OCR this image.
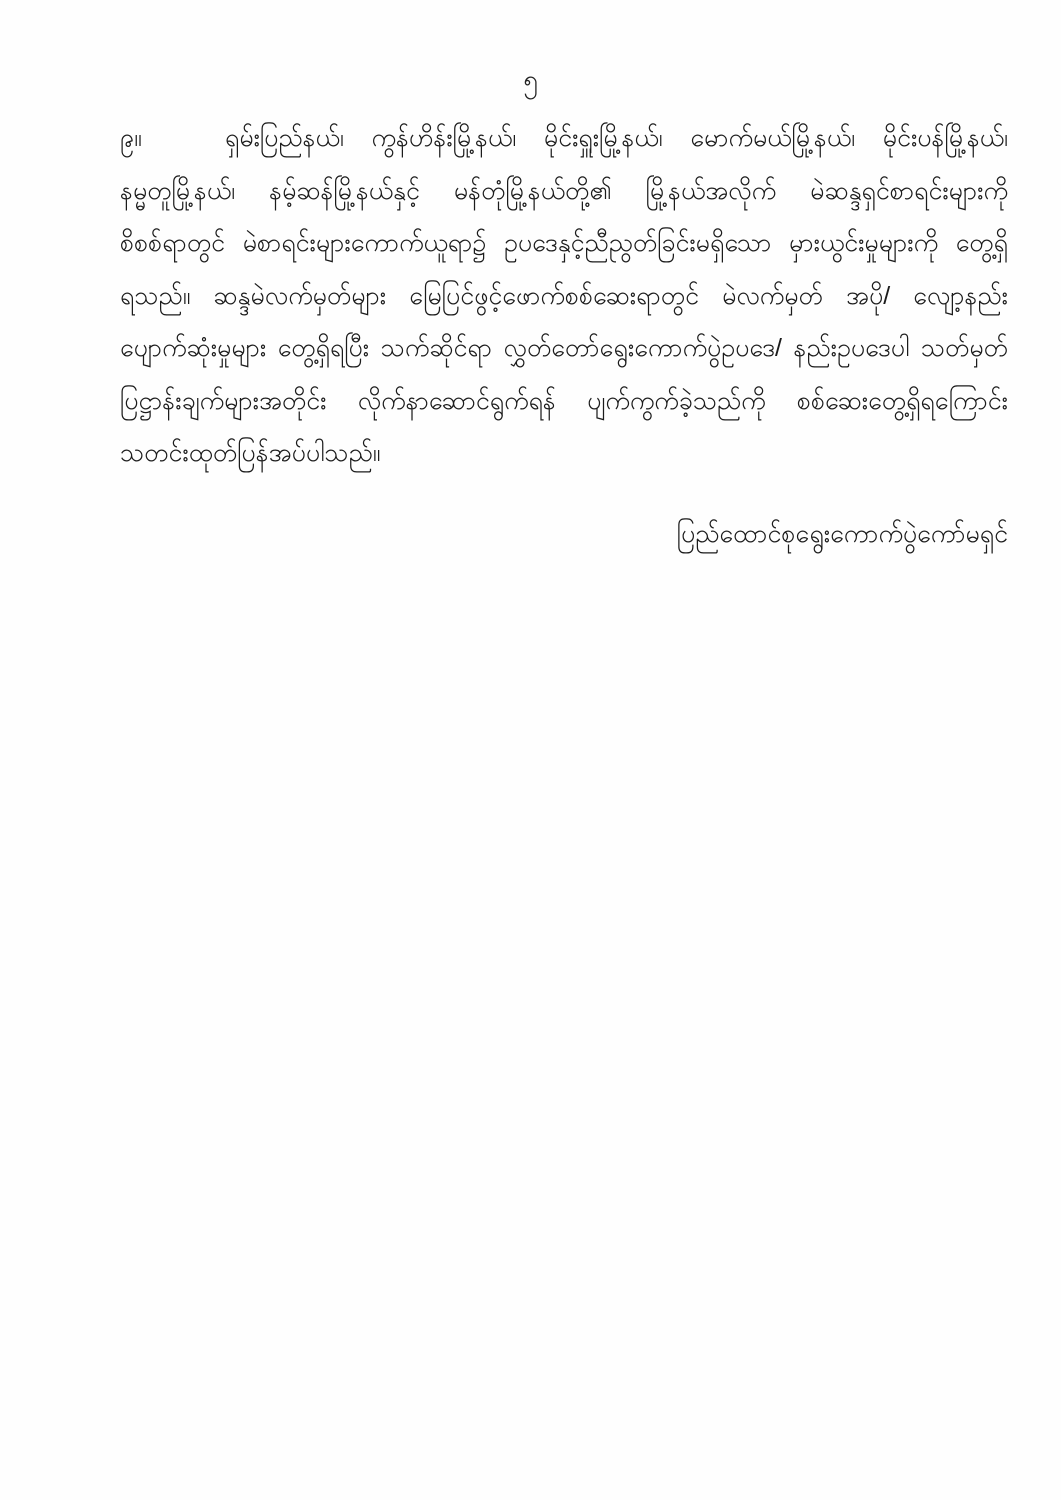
၅
၉။	ရှမ်းပြည်နယ်၊ ကွန်ဟိန်းမြို့နယ်၊ မိုင်းရှူးမြို့နယ်၊ မောက်မယ်မြို့နယ်၊ မိုင်းပန်မြို့နယ်၊
နမ္မတူမြို့နယ်၊ နမ့်ဆန်မြို့နယ်နှင့် မန်တုံမြို့နယ်တို့၏ မြို့နယ်အလိုက် မဲဆန္ဒရှင်စာရင်းများကို
စိစစ်ရာတွင် မဲစာရင်းများကောက်ယူရာ၌ ဥပဒေနှင့်ညီညွတ်ခြင်းမရှိသော မှားယွင်းမှုများကို တွေ့ရှိ
ရသည်။ ဆန္ဒမဲလက်မှတ်များ မြေပြင်ဖွင့်ဖောက်စစ်ဆေးရာတွင် မဲလက်မှတ် အပို/ လျော့နည်း
ပျောက်ဆုံးမှုများ တွေ့ရှိရပြီး သက်ဆိုင်ရာ လွှတ်တော်ရွေးကောက်ပွဲဥပဒေ/ နည်းဥပဒေပါ သတ်မှတ်
ပြဋ္ဌာန်းချက်များအတိုင်း လိုက်နာဆောင်ရွက်ရန် ပျက်ကွက်ခဲ့သည်ကို စစ်ဆေးတွေ့ရှိရကြောင်း
သတင်းထုတ်ပြန်အပ်ပါသည်။
ပြည်ထောင်စုရွေးကောက်ပွဲကော်မရှင်
